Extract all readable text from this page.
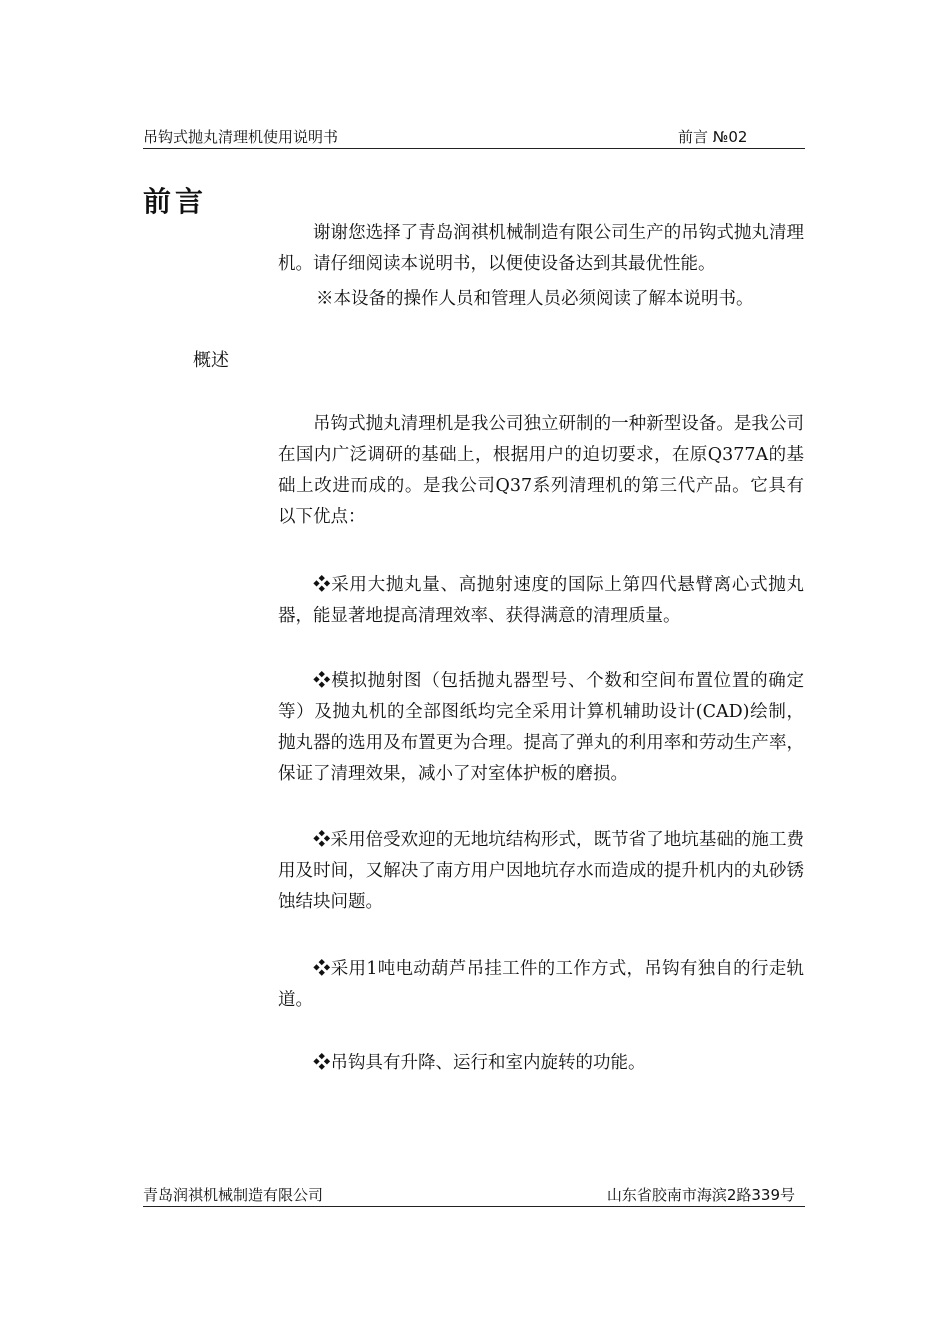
吊钩式抛丸清理机使用说明书	前言 №02
前言
谢谢您选择了青岛润祺机械制造有限公司生产的吊钩式抛丸清理机。请仔细阅读本说明书，以便使设备达到其最优性能。
※本设备的操作人员和管理人员必须阅读了解本说明书。
概述
吊钩式抛丸清理机是我公司独立研制的一种新型设备。是我公司在国内广泛调研的基础上，根据用户的迫切要求，在原Q377A的基础上改进而成的。是我公司Q37系列清理机的第三代产品。它具有以下优点：
❖采用大抛丸量、高抛射速度的国际上第四代悬臂离心式抛丸器，能显著地提高清理效率、获得满意的清理质量。
❖模拟抛射图（包括抛丸器型号、个数和空间布置位置的确定等）及抛丸机的全部图纸均完全采用计算机辅助设计(CAD)绘制，抛丸器的选用及布置更为合理。提高了弹丸的利用率和劳动生产率，保证了清理效果，减小了对室体护板的磨损。
❖采用倍受欢迎的无地坑结构形式，既节省了地坑基础的施工费用及时间，又解决了南方用户因地坑存水而造成的提升机内的丸砂锈蚀结块问题。
❖采用1吨电动葫芦吊挂工件的工作方式，吊钩有独自的行走轨道。
❖吊钩具有升降、运行和室内旋转的功能。
青岛润祺机械制造有限公司	山东省胶南市海滨2路339号
